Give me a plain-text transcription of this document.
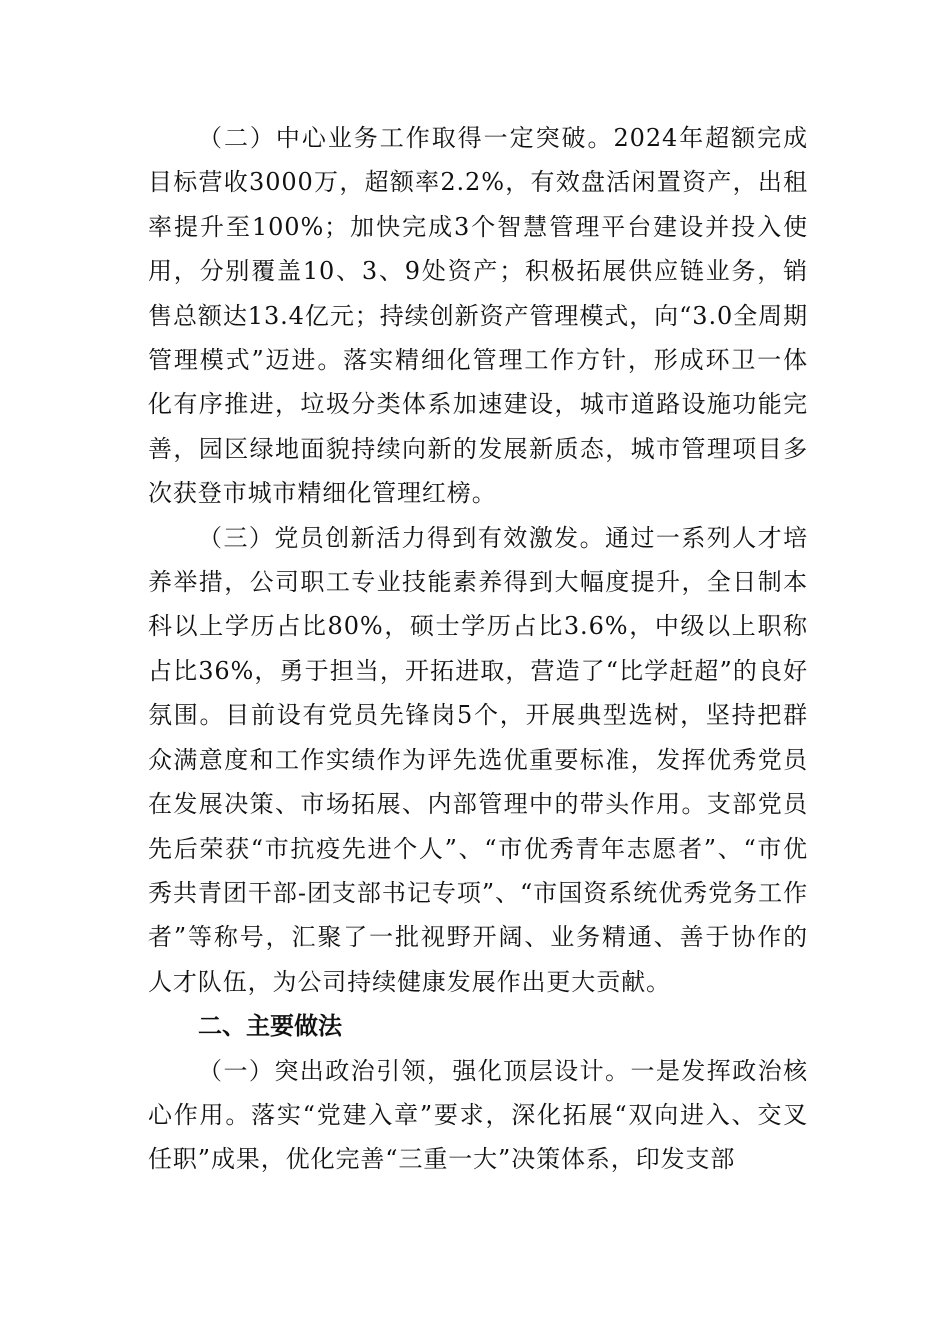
（二）中心业务工作取得一定突破。2024年超额完成目标营收3000万，超额率2.2%，有效盘活闲置资产，出租率提升至100%；加快完成3个智慧管理平台建设并投入使用，分别覆盖10、3、9处资产；积极拓展供应链业务，销售总额达13.4亿元；持续创新资产管理模式，向“3.0全周期管理模式”迈进。落实精细化管理工作方针，形成环卫一体化有序推进，垃圾分类体系加速建设，城市道路设施功能完善，园区绿地面貌持续向新的发展新质态，城市管理项目多次获登市城市精细化管理红榜。

（三）党员创新活力得到有效激发。通过一系列人才培养举措，公司职工专业技能素养得到大幅度提升，全日制本科以上学历占比80%，硕士学历占比3.6%，中级以上职称占比36%，勇于担当，开拓进取，营造了“比学赶超”的良好氛围。目前设有党员先锋岗5个，开展典型选树，坚持把群众满意度和工作实绩作为评先选优重要标准，发挥优秀党员在发展决策、市场拓展、内部管理中的带头作用。支部党员先后荣获“市抗疫先进个人”、“市优秀青年志愿者”、“市优秀共青团干部-团支部书记专项”、“市国资系统优秀党务工作者”等称号，汇聚了一批视野开阔、业务精通、善于协作的人才队伍，为公司持续健康发展作出更大贡献。

二、主要做法

（一）突出政治引领，强化顶层设计。一是发挥政治核心作用。落实“党建入章”要求，深化拓展“双向进入、交叉任职”成果，优化完善“三重一大”决策体系，印发支部
